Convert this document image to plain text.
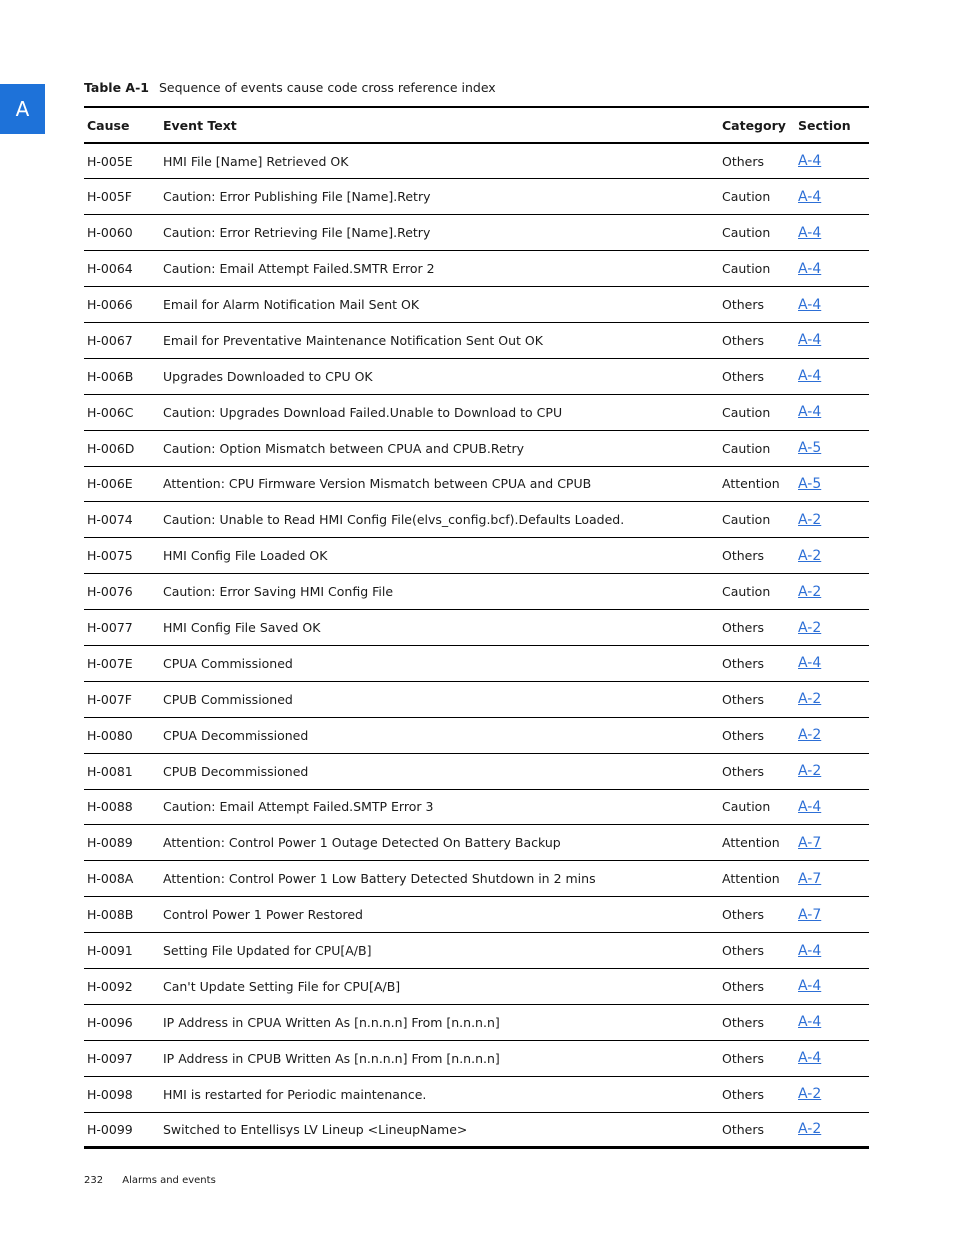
A
Table A-1 Sequence of events cause code cross reference index
Cause	Event Text	Category	Section
H-005E	HMI File [Name] Retrieved OK	Others	A-4
H-005F	Caution: Error Publishing File [Name].Retry	Caution	A-4
H-0060	Caution: Error Retrieving File [Name].Retry	Caution	A-4
H-0064	Caution: Email Attempt Failed.SMTR Error 2	Caution	A-4
H-0066	Email for Alarm Notification Mail Sent OK	Others	A-4
H-0067	Email for Preventative Maintenance Notification Sent Out OK	Others	A-4
H-006B	Upgrades Downloaded to CPU OK	Others	A-4
H-006C	Caution: Upgrades Download Failed.Unable to Download to CPU	Caution	A-4
H-006D	Caution: Option Mismatch between CPUA and CPUB.Retry	Caution	A-5
H-006E	Attention: CPU Firmware Version Mismatch between CPUA and CPUB	Attention	A-5
H-0074	Caution: Unable to Read HMI Config File(elvs_config.bcf).Defaults Loaded.	Caution	A-2
H-0075	HMI Config File Loaded OK	Others	A-2
H-0076	Caution: Error Saving HMI Config File	Caution	A-2
H-0077	HMI Config File Saved OK	Others	A-2
H-007E	CPUA Commissioned	Others	A-4
H-007F	CPUB Commissioned	Others	A-2
H-0080	CPUA Decommissioned	Others	A-2
H-0081	CPUB Decommissioned	Others	A-2
H-0088	Caution: Email Attempt Failed.SMTP Error 3	Caution	A-4
H-0089	Attention: Control Power 1 Outage Detected On Battery Backup	Attention	A-7
H-008A	Attention: Control Power 1 Low Battery Detected Shutdown in 2 mins	Attention	A-7
H-008B	Control Power 1 Power Restored	Others	A-7
H-0091	Setting File Updated for CPU[A/B]	Others	A-4
H-0092	Can't Update Setting File for CPU[A/B]	Others	A-4
H-0096	IP Address in CPUA Written As [n.n.n.n] From [n.n.n.n]	Others	A-4
H-0097	IP Address in CPUB Written As [n.n.n.n] From [n.n.n.n]	Others	A-4
H-0098	HMI is restarted for Periodic maintenance.	Others	A-2
H-0099	Switched to Entellisys LV Lineup <LineupName>	Others	A-2
232 Alarms and events
